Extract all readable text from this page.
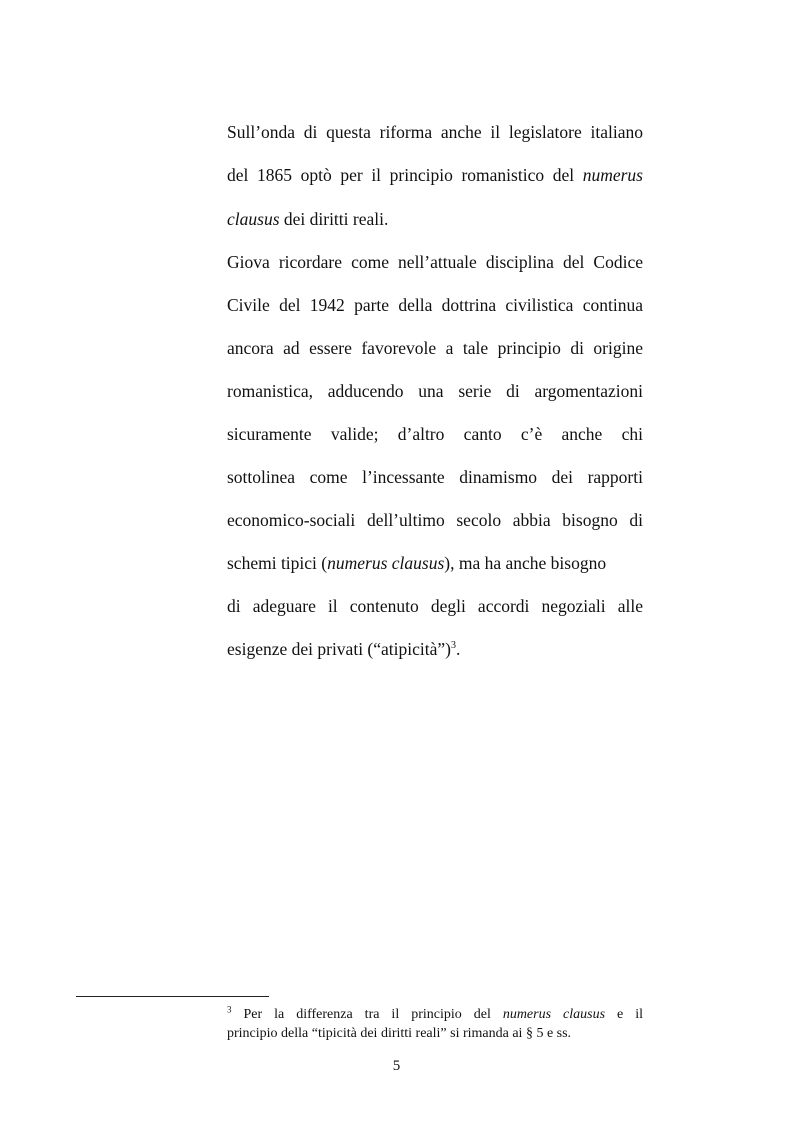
Sull’onda di questa riforma anche il legislatore italiano
del 1865 optò per il principio romanistico del numerus
clausus dei diritti reali.
Giova ricordare come nell’attuale disciplina del Codice
Civile del 1942 parte della dottrina civilistica continua
ancora ad essere favorevole a tale principio di origine
romanistica, adducendo una serie di argomentazioni
sicuramente valide; d’altro canto c’è anche chi
sottolinea come l’incessante dinamismo dei rapporti
economico-sociali dell’ultimo secolo abbia bisogno di
schemi tipici (numerus clausus), ma ha anche bisogno
di adeguare il contenuto degli accordi negoziali alle
esigenze dei privati (“atipicità”)$^3$.
$^3$ Per la differenza tra il principio del numerus clausus e il
principio della “tipicità dei diritti reali” si rimanda ai § 5 e ss.
5
